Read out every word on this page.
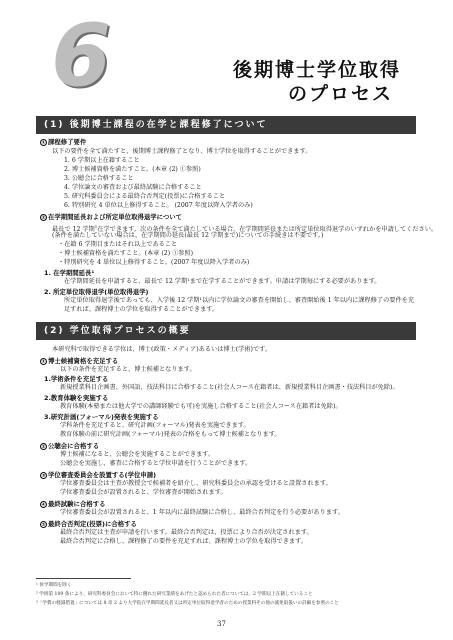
6	後期博士学位取得
のプロセス
(1) 後期博士課程の在学と課程修了について
① 課程修了要件
以下の要件を全て満たすと、後期博士課程修了となり、博士学位を取得することができます。
1. 6 学期以上在籍すること
2. 博士候補資格を満たすこと。(本章 (2) ①参照)
3. 公聴会に合格すること
4. 学位論文の審査および最終試験に合格すること
5. 研究科委員会による最終合否判定(投票)に合格すること
6. 特別研究 4 単位以上修得すること。 (2007 年度以降入学者のみ)
② 在学期間延長および所定単位取得退学について
最長で 12 学期$^1$在学できます。次の条件を全て満たしている場合、在学期間延長または所定単位取得退学のいずれかを申請してください。
(条件を満たしていない場合は、在学期間の延長(最長 12 学期まで)についての手続きは不要です。)
・在籍 6 学期目またはそれ以上であること
・博士候補資格を満たすこと。(本章 (2) ①参照)
・特別研究を 4 単位以上修得すること。(2007 年度以降入学者のみ)
1. 在学期間延長¹
在学期間延長を申請すると、最長で 12 学期¹まで在学することができます。申請は学期毎にする必要があります。
2. 所定単位取得退学(単位取得退学)
所定単位取得退学後であっても、入学後 12 学期¹以内に学位論文の審査を開始し、審査開始後 1 年以内に課程修了の要件を充
足すれば、課程博士の学位を取得することができます。
(2) 学位取得プロセスの概要
本研究科で取得できる学位は、博士(政策・メディア)あるいは博士(学術)です。
① 博士候補資格を充足する
以下の条件を充足すると、博士候補となります。
1.学術条件を充足する
新規授業科目企画書、外国語、技法科目に合格すること(社会人コース在籍者は、新規授業科目企画書・技法科目が免除)。
2.教育体験を実施する
教育体験(本塾または他大学での講師経験でも可)を実施し合格すること(社会人コース在籍者は免除)。
3.研究計画(フォーマル)発表を実施する
学科条件を充足すると、研究計画(フォーマル)発表を実施できます。
教育体験の前に研究計画(フォーマル)発表の合格をもって博士候補となります。
② 公聴会に合格する
博士候補になると、公聴会を実施することができます。
公聴会を実施し、審査に合格すると学位申請を行うことができます。
③ 学位審査委員会を設置する(学位申請)
学位審査委員会は主査が教授会で候補者を紹介し、研究科委員会の承認を受けると設置されます。
学位審査委員会が設置されると、学位審査が開始されます。
④ 最終試験に合格する
学位審査委員会が設置されると、1 年以内に最終試験に合格し、最終合否判定を行う必要があります。
⑤ 最終合否判定(投票)に合格する
最終合否判定は主査が申請を行います。最終合否判定は、投票により合否が決定されます。
最終合否判定に合格し、課程修了の要件を充足すれば、課程博士の学位を取得できます。
¹ 休学期間を除く
² 学則第 109 条により、研究科委員会において特に優れた研究業績をあげたと認められた者については、2 学期以上在籍していること
³「学費の軽減措置」については 8 章 2 より大学院在学期間延長者又は所定単位取得退学者のための授業料その他の減免取扱いの詳細を参照のこと
37
